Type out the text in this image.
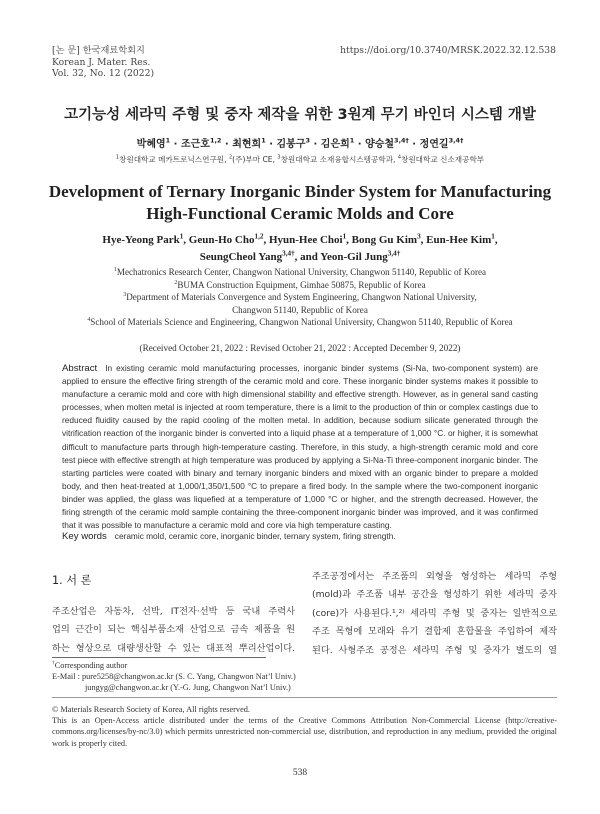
[논 문] 한국재료학회지
Korean J. Mater. Res.
Vol. 32, No. 12 (2022)
https://doi.org/10.3740/MRSK.2022.32.12.538
고기능성 세라믹 주형 및 중자 제작을 위한 3원계 무기 바인더 시스템 개발
박혜영$^1$ · 조근호$^{1,2}$ · 최현희$^1$ · 김봉구$^3$ · 김은희$^1$ · 양승철$^{3,4\dagger}$ · 정연길$^{3,4\dagger}$
$^1$창원대학교 메카트로닉스연구원, $^2$(주)부마 CE, $^3$창원대학교 소재융합시스템공학과, $^4$창원대학교 신소재공학부
Development of Ternary Inorganic Binder System for Manufacturing
High-Functional Ceramic Molds and Core
Hye-Yeong Park$^1$, Geun-Ho Cho$^{1,2}$, Hyun-Hee Choi$^1$, Bong Gu Kim$^3$, Eun-Hee Kim$^1$,
SeungCheol Yang$^{3,4\dagger}$, and Yeon-Gil Jung$^{3,4\dagger}$
$^1$Mechatronics Research Center, Changwon National University, Changwon 51140, Republic of Korea
$^2$BUMA Construction Equipment, Gimhae 50875, Republic of Korea
$^3$Department of Materials Convergence and System Engineering, Changwon National University,
Changwon 51140, Republic of Korea
$^4$School of Materials Science and Engineering, Changwon National University, Changwon 51140, Republic of Korea
(Received October 21, 2022 : Revised October 21, 2022 : Accepted December 9, 2022)
Abstract In existing ceramic mold manufacturing processes, inorganic binder systems (Si-Na, two-component system) are applied to ensure the effective firing strength of the ceramic mold and core. These inorganic binder systems makes it possible to manufacture a ceramic mold and core with high dimensional stability and effective strength. However, as in general sand casting processes, when molten metal is injected at room temperature, there is a limit to the production of thin or complex castings due to reduced fluidity caused by the rapid cooling of the molten metal. In addition, because sodium silicate generated through the vitrification reaction of the inorganic binder is converted into a liquid phase at a temperature of 1,000 °C. or higher, it is somewhat difficult to manufacture parts through high-temperature casting. Therefore, in this study, a high-strength ceramic mold and core test piece with effective strength at high temperature was produced by applying a Si-Na-Ti three-component inorganic binder. The starting particles were coated with binary and ternary inorganic binders and mixed with an organic binder to prepare a molded body, and then heat-treated at 1,000/1,350/1,500 °C to prepare a fired body. In the sample where the two-component inorganic binder was applied, the glass was liquefied at a temperature of 1,000 °C or higher, and the strength decreased. However, the firing strength of the ceramic mold sample containing the three-component inorganic binder was improved, and it was confirmed that it was possible to manufacture a ceramic mold and core via high temperature casting.
Key words ceramic mold, ceramic core, inorganic binder, ternary system, firing strength.
1. 서 론
주조산업은 자동차, 선박, IT전자·선박 등 국내 주력사
업의 근간이 되는 핵심부품소재 산업으로 금속 제품을 원
하는 형상으로 대량생산할 수 있는 대표적 뿌리산업이다.
주조공정에서는 주조품의 외형을 형성하는 세라믹 주형
(mold)과 주조품 내부 공간을 형성하기 위한 세라믹 중자
(core)가 사용된다.¹,²⁾ 세라믹 주형 및 중자는 일반적으로
주조 목형에 모래와 유기 결합제 혼합물을 주입하여 제작
된다. 사형주조 공정은 세라믹 주형 및 중자가 별도의 열
†Corresponding author
E-Mail : pure5258@changwon.ac.kr (S. C. Yang, Changwon Nat’l Univ.)
jungyg@changwon.ac.kr (Y.-G. Jung, Changwon Nat’l Univ.)
© Materials Research Society of Korea, All rights reserved.
This is an Open-Access article distributed under the terms of the Creative Commons Attribution Non-Commercial License (http://creative-commons.org/licenses/by-nc/3.0) which permits unrestricted non-commercial use, distribution, and reproduction in any medium, provided the original work is properly cited.
538
